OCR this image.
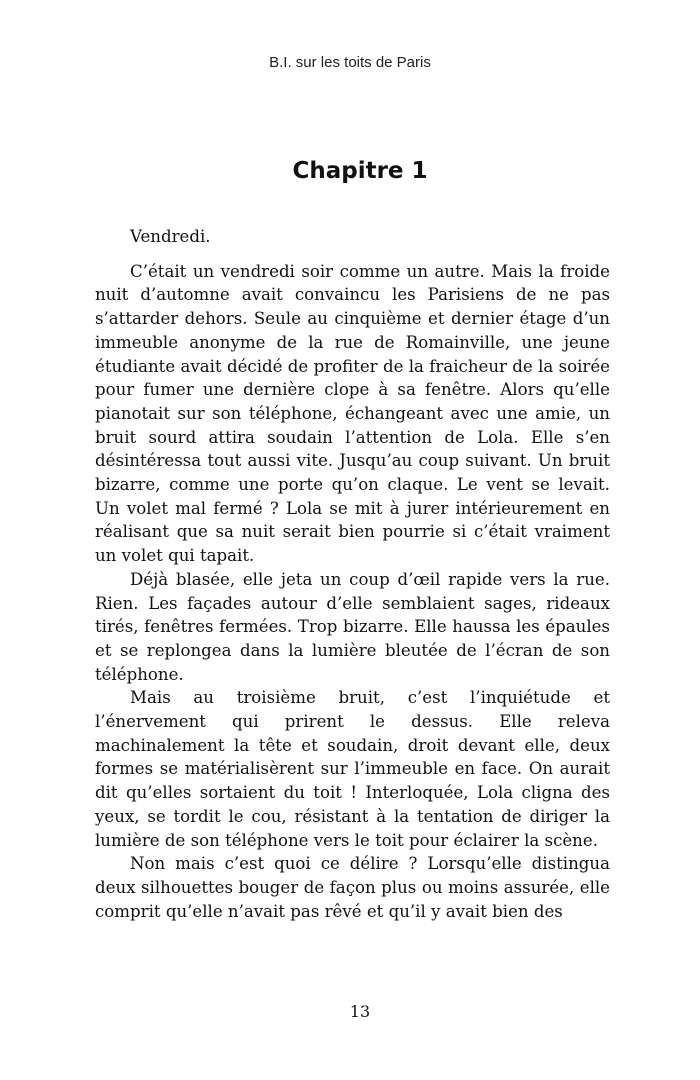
B.I. sur les toits de Paris
Chapitre 1

Vendredi.

C’était un vendredi soir comme un autre. Mais la froide nuit d’automne avait convaincu les Parisiens de ne pas s’attarder dehors. Seule au cinquième et dernier étage d’un immeuble anonyme de la rue de Romainville, une jeune étudiante avait décidé de profiter de la fraicheur de la soirée pour fumer une dernière clope à sa fenêtre. Alors qu’elle pianotait sur son téléphone, échangeant avec une amie, un bruit sourd attira soudain l’attention de Lola. Elle s’en désintéressa tout aussi vite. Jusqu’au coup suivant. Un bruit bizarre, comme une porte qu’on claque. Le vent se levait. Un volet mal fermé ? Lola se mit à jurer intérieurement en réalisant que sa nuit serait bien pourrie si c’était vraiment un volet qui tapait.

Déjà blasée, elle jeta un coup d’œil rapide vers la rue. Rien. Les façades autour d’elle semblaient sages, rideaux tirés, fenêtres fermées. Trop bizarre. Elle haussa les épaules et se replongea dans la lumière bleutée de l’écran de son téléphone.

Mais au troisième bruit, c’est l’inquiétude et l’énervement qui prirent le dessus. Elle releva machinalement la tête et soudain, droit devant elle, deux formes se matérialisèrent sur l’immeuble en face. On aurait dit qu’elles sortaient du toit ! Interloquée, Lola cligna des yeux, se tordit le cou, résistant à la tentation de diriger la lumière de son téléphone vers le toit pour éclairer la scène.

Non mais c’est quoi ce délire ? Lorsqu’elle distingua deux silhouettes bouger de façon plus ou moins assurée, elle comprit qu’elle n’avait pas rêvé et qu’il y avait bien des

13
